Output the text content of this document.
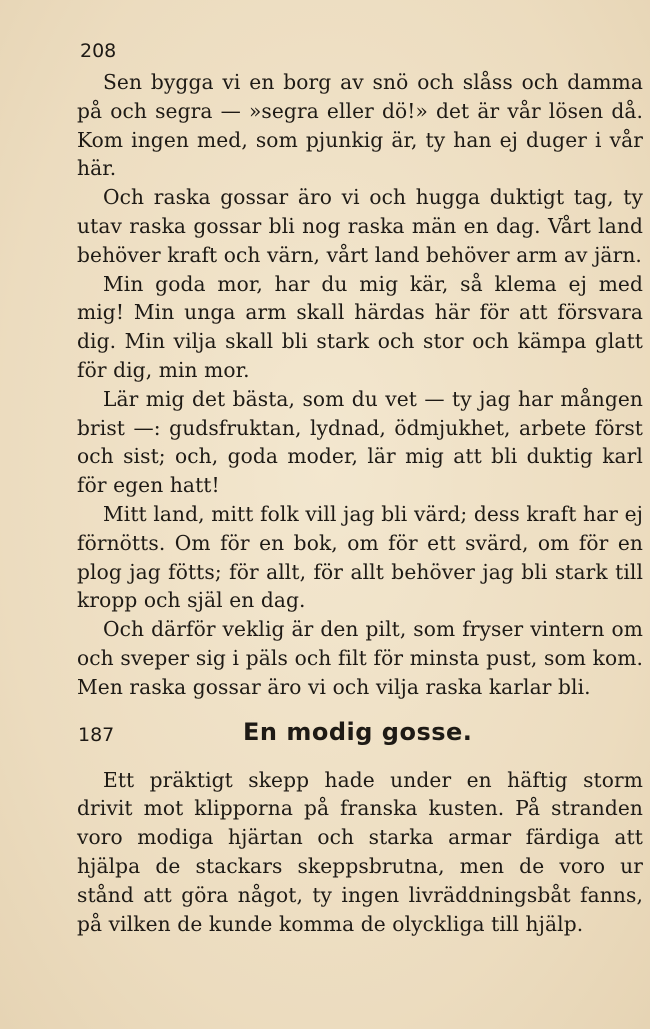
208

Sen bygga vi en borg av snö och slåss och damma på och segra — »segra eller dö!» det är vår lösen då. Kom ingen med, som pjunkig är, ty han ej duger i vår här.

Och raska gossar äro vi och hugga duktigt tag, ty utav raska gossar bli nog raska män en dag. Vårt land behöver kraft och värn, vårt land behöver arm av järn.

Min goda mor, har du mig kär, så klema ej med mig! Min unga arm skall härdas här för att försvara dig. Min vilja skall bli stark och stor och kämpa glatt för dig, min mor.

Lär mig det bästa, som du vet — ty jag har mången brist —: gudsfruktan, lydnad, ödmjukhet, arbete först och sist; och, goda moder, lär mig att bli duktig karl för egen hatt!

Mitt land, mitt folk vill jag bli värd; dess kraft har ej förnötts. Om för en bok, om för ett svärd, om för en plog jag fötts; för allt, för allt behöver jag bli stark till kropp och själ en dag.

Och därför veklig är den pilt, som fryser vintern om och sveper sig i päls och filt för minsta pust, som kom. Men raska gossar äro vi och vilja raska karlar bli.

187	En modig gosse.

Ett präktigt skepp hade under en häftig storm drivit mot klipporna på franska kusten. På stranden voro modiga hjärtan och starka armar färdiga att hjälpa de stackars skeppsbrutna, men de voro ur stånd att göra något, ty ingen livräddningsbåt fanns, på vilken de kunde komma de olyckliga till hjälp.
